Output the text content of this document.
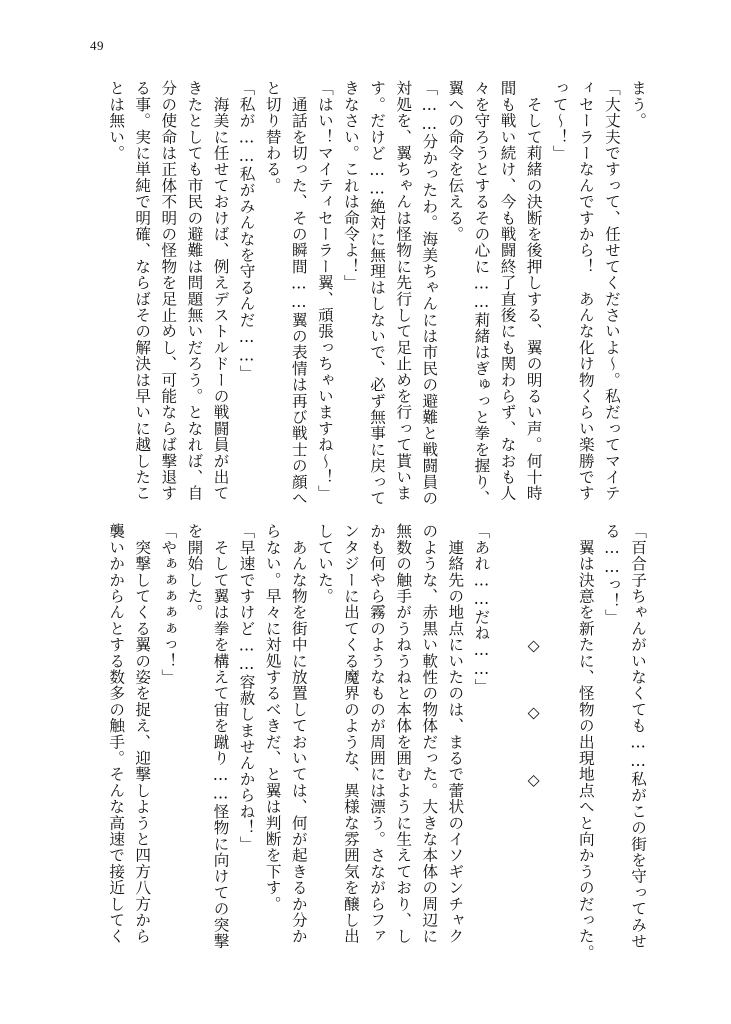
49
まう。
「大丈夫ですって、任せてくださいよ～。私だってマイテ
ィセーラーなんですから！　あんな化け物くらい楽勝です
って～！」
　そして莉緒の決断を後押しする、翼の明るい声。何十時
間も戦い続け、今も戦闘終了直後にも関わらず、なおも人
々を守ろうとするその心に……莉緒はぎゅっと拳を握り、
翼への命令を伝える。
「……分かったわ。海美ちゃんには市民の避難と戦闘員の
対処を、翼ちゃんは怪物に先行して足止めを行って貰いま
す。だけど……絶対に無理はしないで、必ず無事に戻って
きなさい。これは命令よ！」
「はい！マイティセーラー翼、頑張っちゃいますね～！」
　通話を切った、その瞬間……翼の表情は再び戦士の顔へ
と切り替わる。
「私が……私がみんなを守るんだ……」
　海美に任せておけば、例えデストルドーの戦闘員が出て
きたとしても市民の避難は問題無いだろう。となれば、自
分の使命は正体不明の怪物を足止めし、可能ならば撃退す
る事。実に単純で明確、ならばその解決は早いに越したこ
とは無い。
「百合子ちゃんがいなくても……私がこの街を守ってみせ
る……っ！」
　翼は決意を新たに、怪物の出現地点へと向かうのだった。

　　　　　　　◇　　　◇　　　◇

「あれ……だね……」
　連絡先の地点にいたのは、まるで蕾状のイソギンチャク
のような、赤黒い軟性の物体だった。大きな本体の周辺に
無数の触手がうねうねと本体を囲むように生えており、し
かも何やら霧のようなものが周囲には漂う。さながらファ
ンタジーに出てくる魔界のような、異様な雰囲気を醸し出
していた。
　あんな物を街中に放置しておいては、何が起きるか分か
らない。早々に対処するべきだ、と翼は判断を下す。
「早速ですけど……容赦しませんからね！」
　そして翼は拳を構えて宙を蹴り……怪物に向けての突撃
を開始した。
「やぁぁぁぁぁっ！」
　突撃してくる翼の姿を捉え、迎撃しようと四方八方から
襲いかからんとする数多の触手。そんな高速で接近してく
